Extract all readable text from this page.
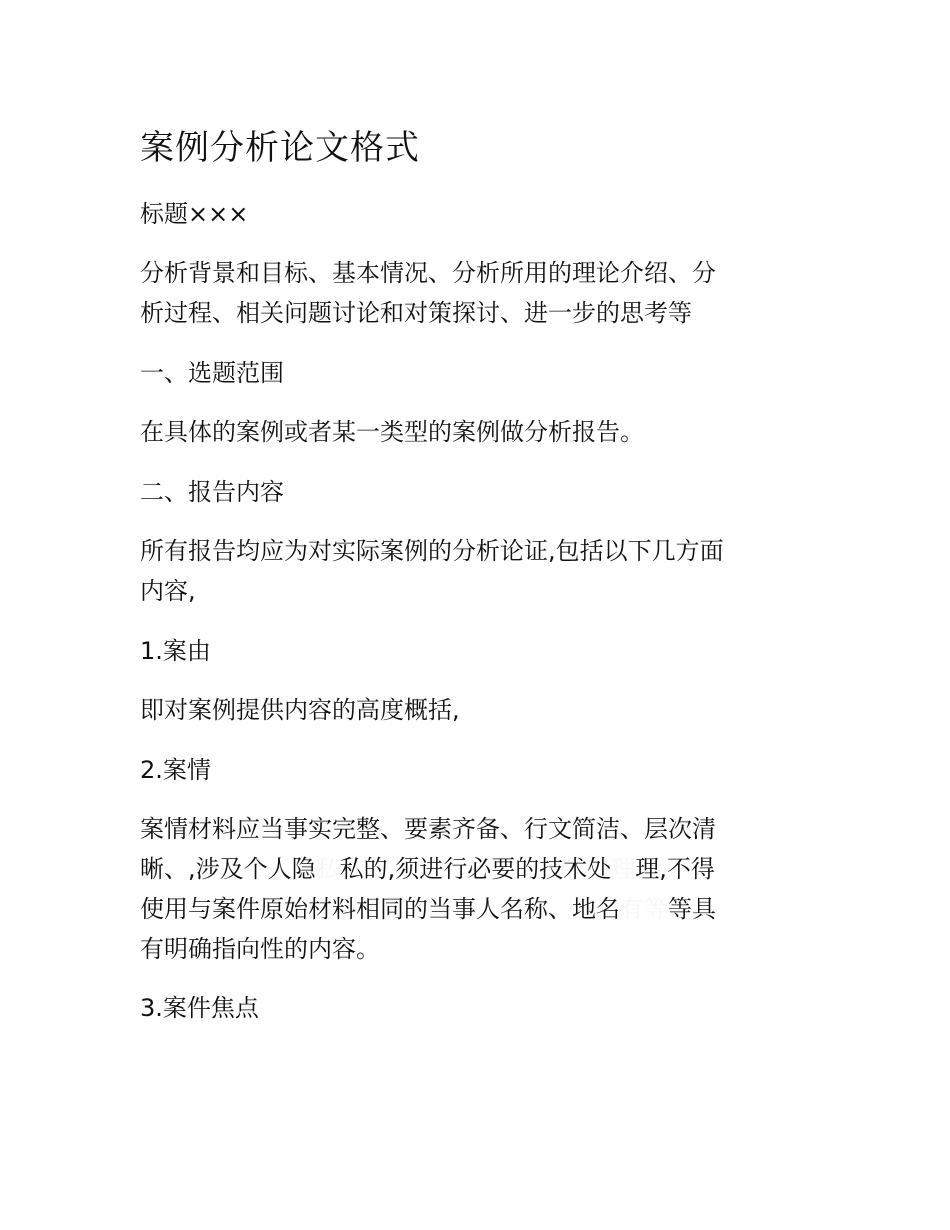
案例分析论文格式

标题×××

分析背景和目标、基本情况、分析所用的理论介绍、分

析过程、相关问题讨论和对策探讨、进一步的思考等

一、选题范围

在具体的案例或者某一类型的案例做分析报告。

二、报告内容

所有报告均应为对实际案例的分析论证,包括以下几方面

内容,

1.案由

即对案例提供内容的高度概括,

2.案情

案情材料应当事实完整、要素齐备、行文简洁、层次清

晰、,涉及个人隐私私的,须进行必要的技术处理理,不得

使用与案件原始材料相同的当事人名称、地名有等等具

有明确指向性的内容。

3.案件焦点
